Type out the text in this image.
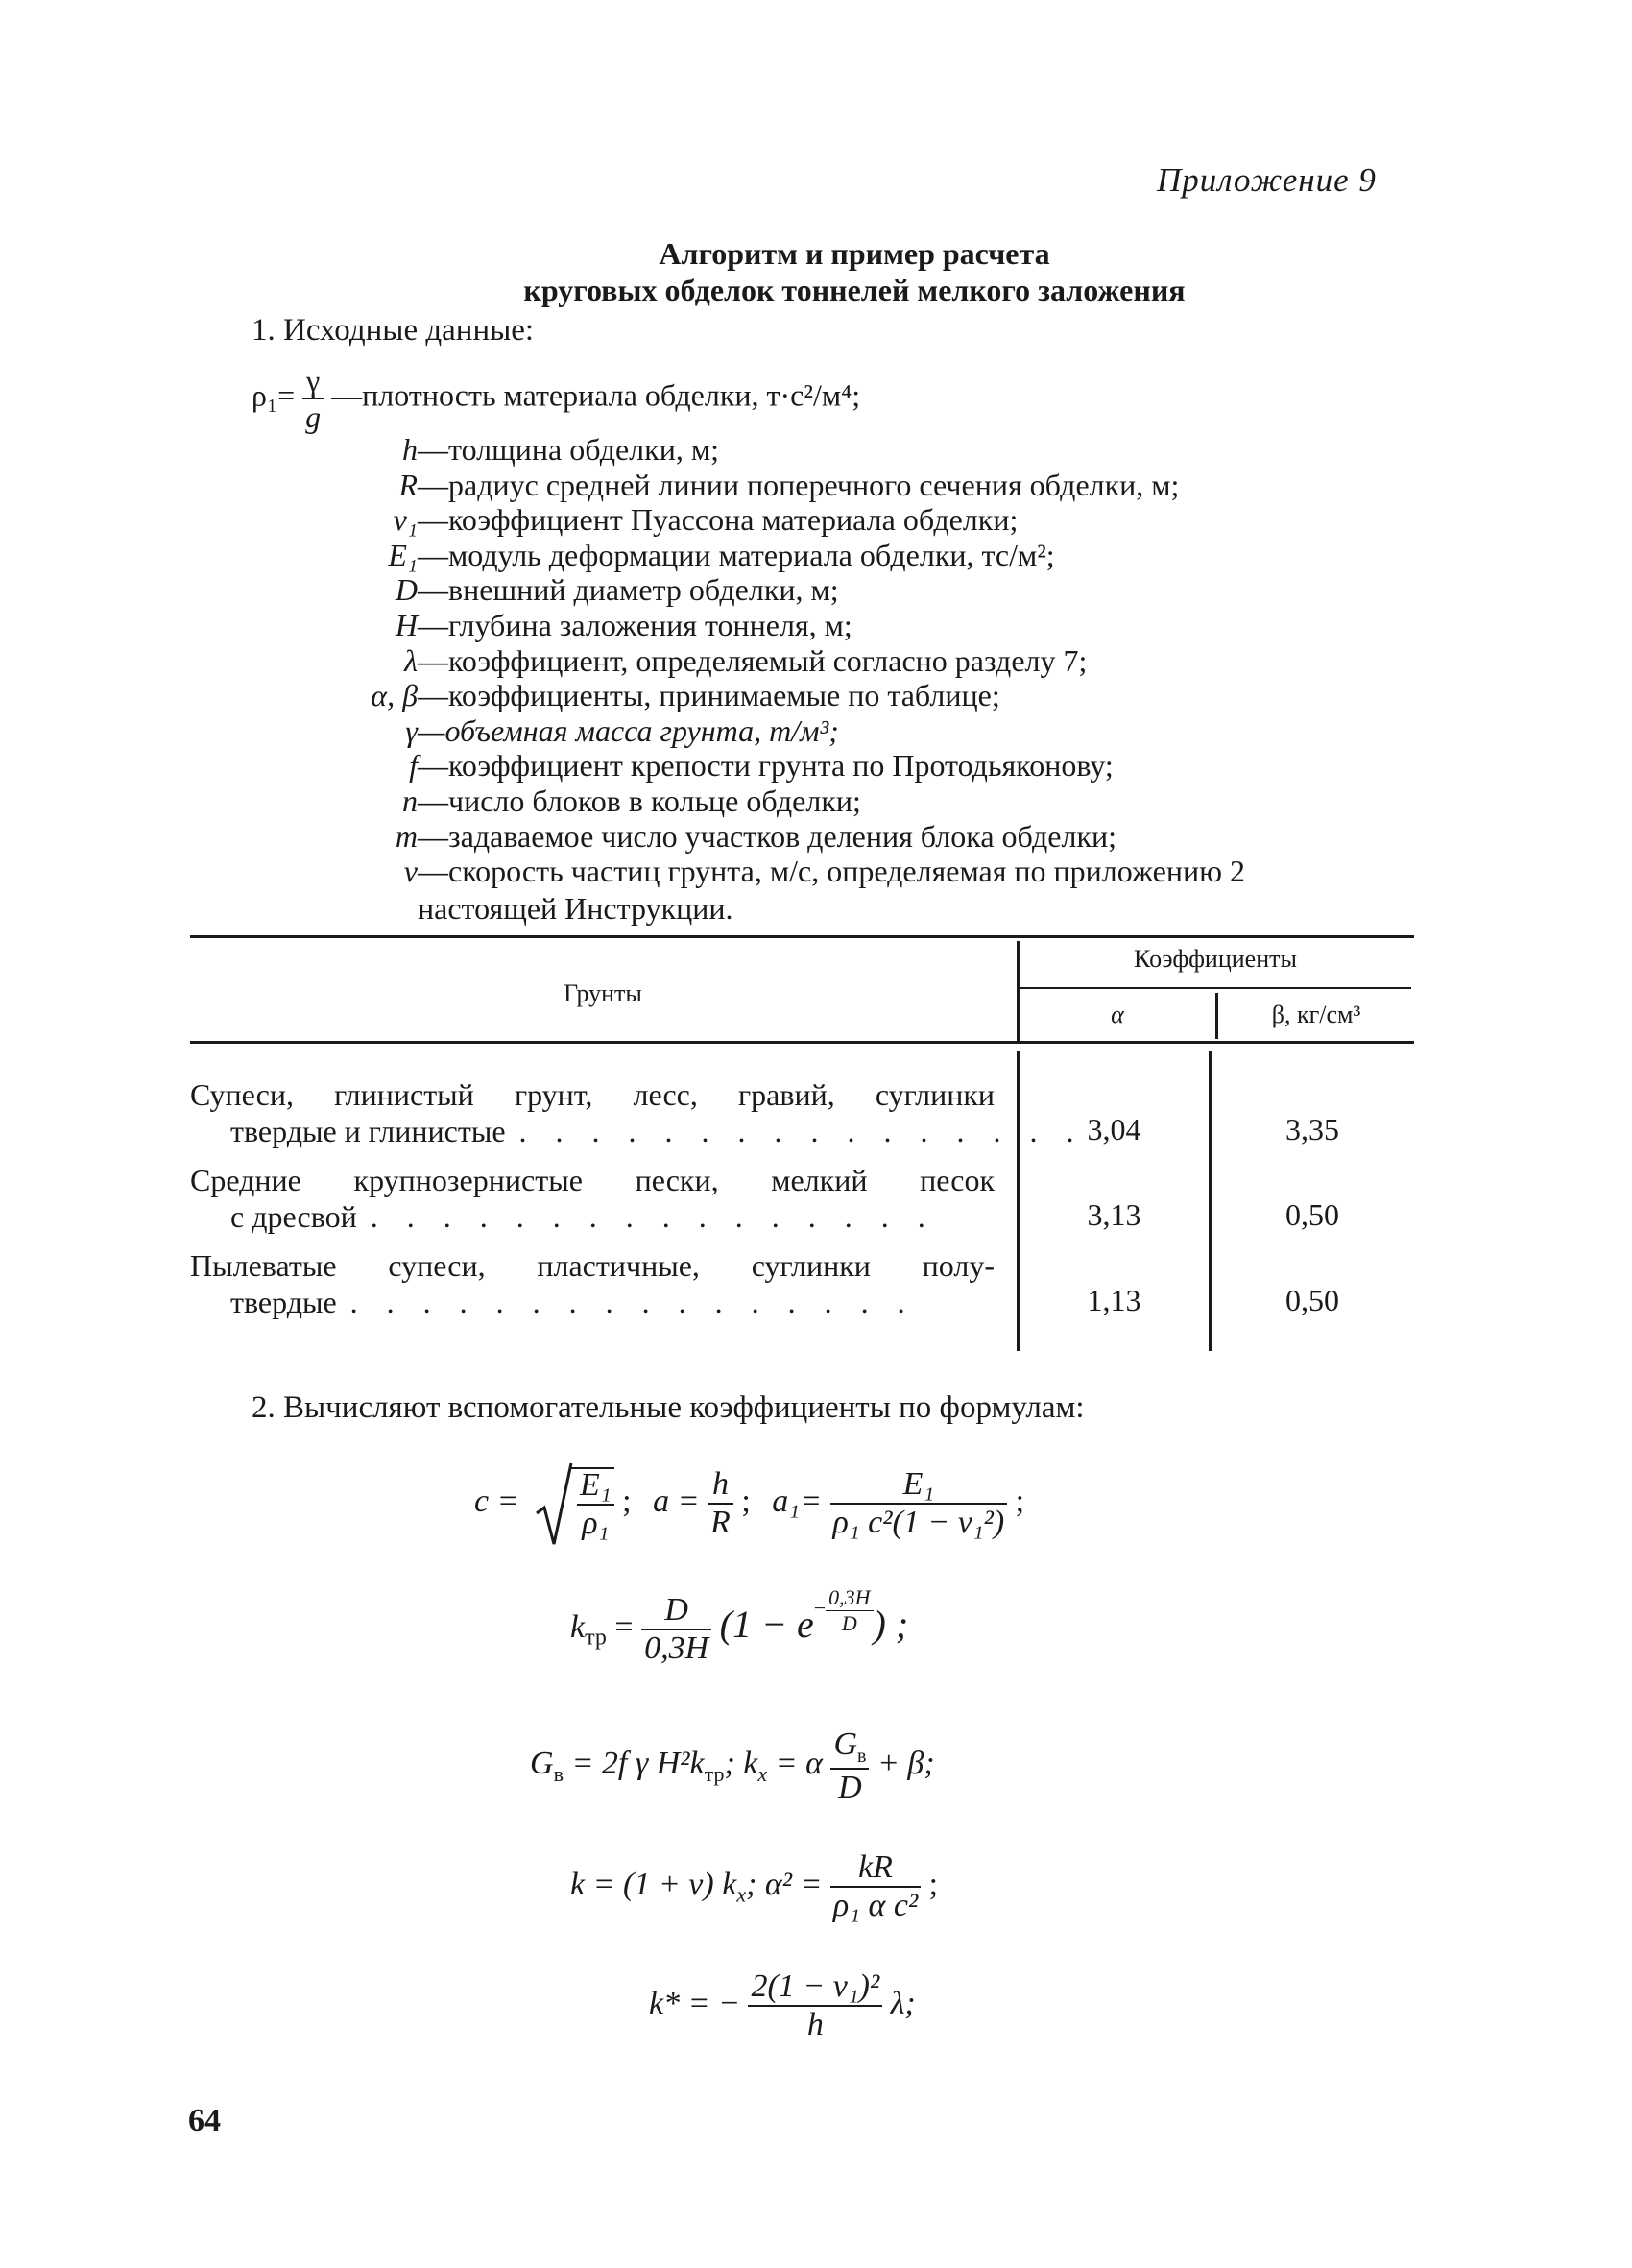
Приложение 9
Алгоритм и пример расчета
круговых обделок тоннелей мелкого заложения
1. Исходные данные:
$\rho_1= \frac{\gamma}{g}$ —плотность материала обделки, т·с²/м⁴;
h—толщина обделки, м;
R—радиус средней линии поперечного сечения обделки, м;
ν₁—коэффициент Пуассона материала обделки;
E₁—модуль деформации материала обделки, тс/м²;
D—внешний диаметр обделки, м;
H—глубина заложения тоннеля, м;
λ—коэффициент, определяемый согласно разделу 7;
α, β—коэффициенты, принимаемые по таблице;
γ—объемная масса грунта, т/м³;
f—коэффициент крепости грунта по Протодьяконову;
n—число блоков в кольце обделки;
m—задаваемое число участков деления блока обделки;
v—скорость частиц грунта, м/с, определяемая по приложению 2
настоящей Инструкции.
Грунты
Коэффициенты
α	β, кг/см³
Супеси, глинистый грунт, лесс, гравий, суглинки
твердые и глинистые . . . . . . . . . . . . . . . . 3,04	3,35
Средние крупнозернистые пески, мелкий песок
с дресвой . . . . . . . . . . . . . . . .	3,13	0,50
Пылеватые супеси, пластичные, суглинки полу-
твердые . . . . . . . . . . . . . . . .	1,13	0,50
2. Вычисляют вспомогательные коэффициенты по формулам:
$c = \frac{\text{E₁}}{\text{ρ₁}}$ ; $a = \frac{h}{R}$ ; $a_1= \frac{\text{E₁}}{\text{ρ₁ c²(1 − ν₁²)}}$ ;
$k_{тр} = \frac{D}{0,3H} (1 - e^{- \frac{0,3H}{D}}$ ) ;
$G_в = 2f$ γ $H^2k_{тр}$; $k_x = \alpha \frac{G_в}{D} + \beta$;
k = (1 + ν) $k_x$; $\alpha^2 = \frac{kR}{\text{ρ₁ α c²}}$ ;
k* = − $\frac{\text{2(1 − ν₁)²}}{h} \lambda$;
64
